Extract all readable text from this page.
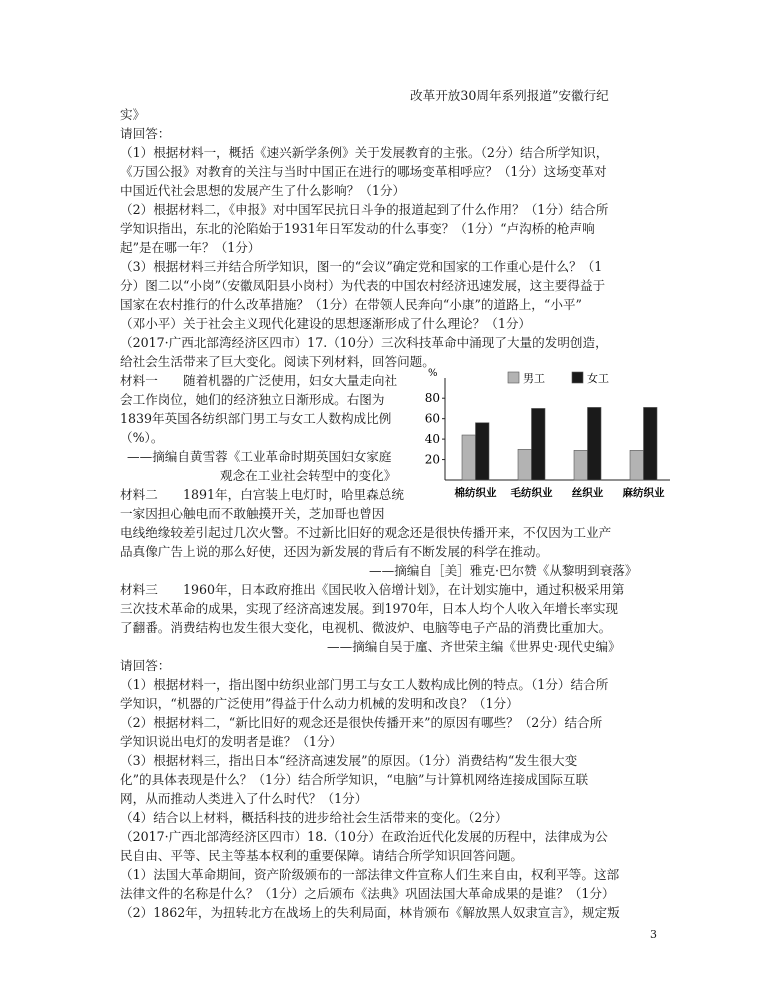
改革开放30周年系列报道”安徽行纪
实》
请回答：
（1）根据材料一，概括《速兴新学条例》关于发展教育的主张。（2分）结合所学知识，
《万国公报》对教育的关注与当时中国正在进行的哪场变革相呼应？（1分）这场变革对
中国近代社会思想的发展产生了什么影响？（1分）
（2）根据材料二，《申报》对中国军民抗日斗争的报道起到了什么作用？（1分）结合所
学知识指出，东北的沦陷始于1931年日军发动的什么事变？（1分）“卢沟桥的枪声响
起”是在哪一年？（1分）
（3）根据材料三并结合所学知识，图一的“会议”确定党和国家的工作重心是什么？（1
分）图二以“小岗”（安徽凤阳县小岗村）为代表的中国农村经济迅速发展，这主要得益于
国家在农村推行的什么改革措施？（1分）在带领人民奔向“小康”的道路上，“小平”
（邓小平）关于社会主义现代化建设的思想逐渐形成了什么理论？（1分）
（2017·广西北部湾经济区四市）17.（10分）三次科技革命中涌现了大量的发明创造，
给社会生活带来了巨大变化。阅读下列材料，回答问题。
材料一　　随着机器的广泛使用，妇女大量走向社
会工作岗位，她们的经济独立日渐形成。右图为
1839年英国各纺织部门男工与女工人数构成比例
（%）。
——摘编自黄雪蓉《工业革命时期英国妇女家庭
观念在工业社会转型中的变化》
材料二　　1891年，白宫装上电灯时，哈里森总统
一家因担心触电而不敢触摸开关，芝加哥也曾因
电线绝缘较差引起过几次火警。不过新比旧好的观念还是很快传播开来，不仅因为工业产
品真像广告上说的那么好使，还因为新发展的背后有不断发展的科学在推动。
——摘编自［美］雅克·巴尔赞《从黎明到衰落》
材料三　　1960年，日本政府推出《国民收入倍增计划》，在计划实施中，通过积极采用第
三次技术革命的成果，实现了经济高速发展。到1970年，日本人均个人收入年增长率实现
了翻番。消费结构也发生很大变化，电视机、微波炉、电脑等电子产品的消费比重加大。
——摘编自吴于廑、齐世荣主编《世界史·现代史编》
请回答：
（1）根据材料一，指出图中纺织业部门男工与女工人数构成比例的特点。（1分）结合所
学知识，“机器的广泛使用”得益于什么动力机械的发明和改良？（1分）
（2）根据材料二，“新比旧好的观念还是很快传播开来”的原因有哪些？（2分）结合所
学知识说出电灯的发明者是谁？（1分）
（3）根据材料三，指出日本“经济高速发展”的原因。（1分）消费结构“发生很大变
化”的具体表现是什么？（1分）结合所学知识，“电脑”与计算机网络连接成国际互联
网，从而推动人类进入了什么时代？（1分）
（4）结合以上材料，概括科技的进步给社会生活带来的变化。（2分）
（2017·广西北部湾经济区四市）18.（10分）在政治近代化发展的历程中，法律成为公
民自由、平等、民主等基本权利的重要保障。请结合所学知识回答问题。
（1）法国大革命期间，资产阶级颁布的一部法律文件宣称人们生来自由，权利平等。这部
法律文件的名称是什么？（1分）之后颁布《法典》巩固法国大革命成果的是谁？（1分）
（2）1862年，为扭转北方在战场上的失利局面，林肯颁布《解放黑人奴隶宣言》，规定叛
%
20
40
60
80
男工	女工
棉纺织业 毛纺织业 丝织业 麻纺织业
3
